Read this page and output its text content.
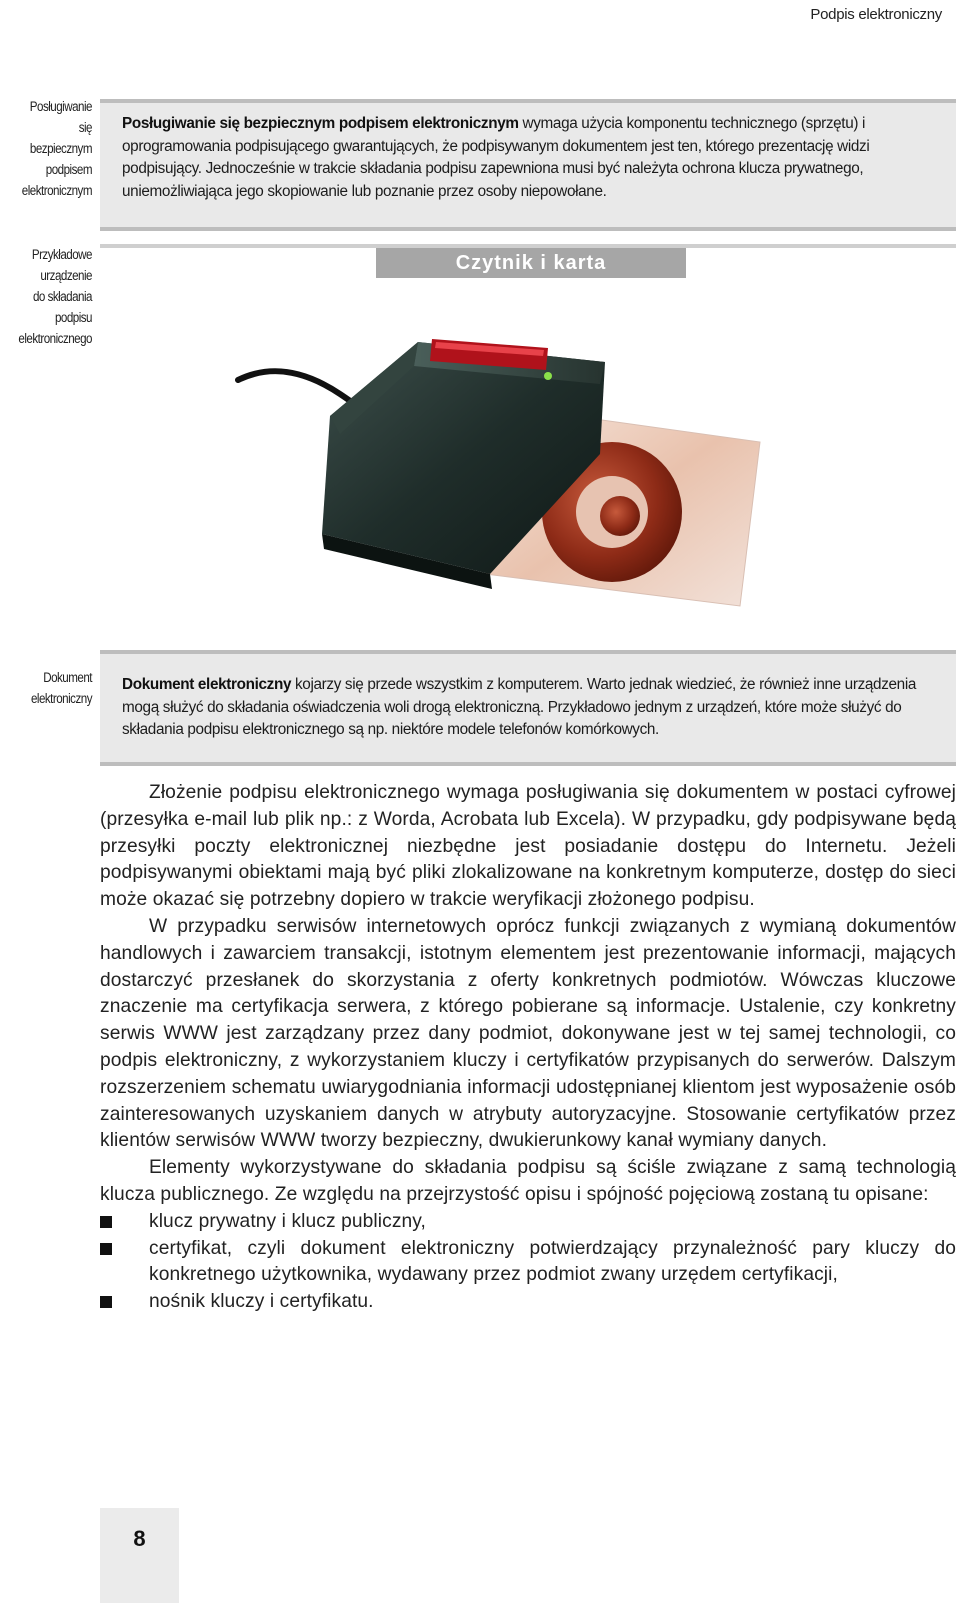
Podpis elektroniczny
Posługiwanie się
bezpiecznym
podpisem
elektronicznym
Przykładowe
urządzenie
do składania
podpisu
elektronicznego
Dokument
elektroniczny
Posługiwanie się bezpiecznym podpisem elektronicznym wymaga użycia komponentu technicznego (sprzętu) i oprogramowania podpisującego gwarantujących, że podpisywanym dokumentem jest ten, którego prezentację widzi podpisujący. Jednocześnie w trakcie składania podpisu zapewniona musi być należyta ochrona klucza prywatnego, uniemożliwiająca jego skopiowanie lub poznanie przez osoby niepowołane.
Czytnik i karta
Dokument elektroniczny kojarzy się przede wszystkim z komputerem. Warto jednak wiedzieć, że również inne urządzenia mogą służyć do składania oświadczenia woli drogą elektroniczną. Przykładowo jednym z urządzeń, które może służyć do składania podpisu elektronicznego są np. niektóre modele telefonów komórkowych.

Złożenie podpisu elektronicznego wymaga posługiwania się dokumentem w postaci cyfrowej (przesyłka e-mail lub plik np.: z Worda, Acrobata lub Excela). W przypadku, gdy podpisywane będą przesyłki poczty elektronicznej niezbędne jest posiadanie dostępu do Internetu. Jeżeli podpisywanymi obiektami mają być pliki zlokalizowane na konkretnym komputerze, dostęp do sieci może okazać się potrzebny dopiero w trakcie weryfikacji złożonego podpisu.

W przypadku serwisów internetowych oprócz funkcji związanych z wymianą dokumentów handlowych i zawarciem transakcji, istotnym elementem jest prezentowanie informacji, mających dostarczyć przesłanek do skorzystania z oferty konkretnych podmiotów. Wówczas kluczowe znaczenie ma certyfikacja serwera, z którego pobierane są informacje. Ustalenie, czy konkretny serwis WWW jest zarządzany przez dany podmiot, dokonywane jest w tej samej technologii, co podpis elektroniczny, z wykorzystaniem kluczy i certyfikatów przypisanych do serwerów. Dalszym rozszerzeniem schematu uwiarygodniania informacji udostępnianej klientom jest wyposażenie osób zainteresowanych uzyskaniem danych w atrybuty autoryzacyjne. Stosowanie certyfikatów przez klientów serwisów WWW tworzy bezpieczny, dwukierunkowy kanał wymiany danych.

Elementy wykorzystywane do składania podpisu są ściśle związane z samą technologią klucza publicznego. Ze względu na przejrzystość opisu i spójność pojęciową zostaną tu opisane:

klucz prywatny i klucz publiczny,
certyfikat, czyli dokument elektroniczny potwierdzający przynależność pary kluczy do konkretnego użytkownika, wydawany przez podmiot zwany urzędem certyfikacji,
nośnik kluczy i certyfikatu.
8
